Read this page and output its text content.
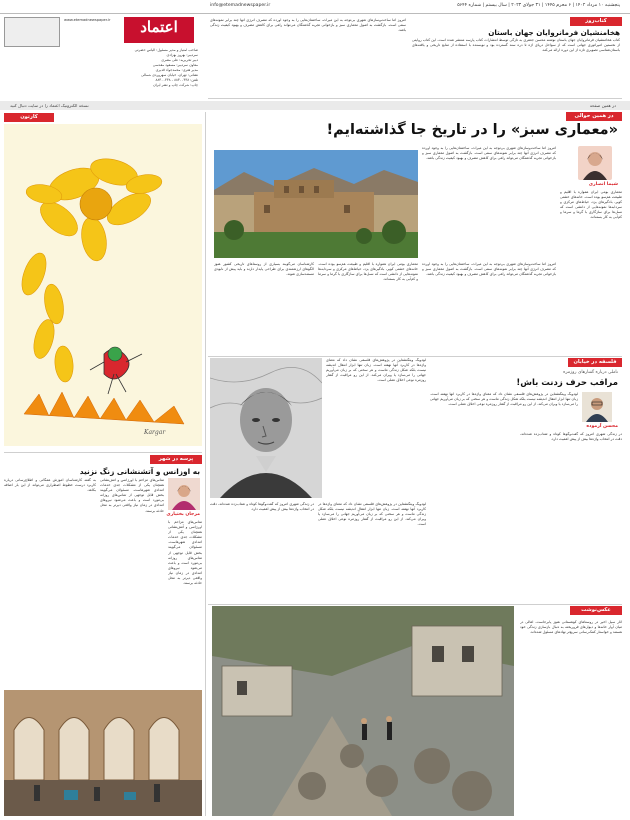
پنجشنبه ۱۰ مرداد ۱۴۰۲ | ۶ محرم ۱۴۴۵ | ۳۱ جولای ۲۰۲۳ | سال بیستم | شماره ۵۶۴۴
info@etemadnewspaper.ir
اعتماد
www.etemadnewspaper.ir
صاحب امتیاز و مدیر مسئول: الیاس حضرتی
سردبیر: بهروز بهزادی
دبیر تحریریه: علی مصری
معاون سردبیر: مسعود مقدسی
مدیر هنری: محمدجواد قدیری
نشانی: تهران، خیابان سهروردی شمالی
تلفن: ۸۸۳۰۰۴۳۸ - ۸۸۳۰۰۴۳۸
چاپ: شرکت چاپ و نشر ایران
در همین صفحه
نسخه الکترونیک اعتماد را در سایت دنبال کنید
کارتون
Kargar
کتاب‌روز
هخامنشیان فرمانروایان جهان باستان
کتاب هخامنشیان فرمانروایان جهان باستان نوشته محسن جعفری به تازگی توسط انتشارات کتاب پارسه منتشر شده است. این کتاب روایتی از نخستین امپراتوری جهانی است که از سواحل دریای اژه تا دره سند گسترده بود و نویسنده با استفاده از منابع تاریخی و یافته‌های باستان‌شناسی تصویری تازه از این دوره ارائه می‌کند.
امروز اما ساخت‌وسازهای شهری بی‌توجه به این میراث، ساختمان‌هایی را به وجود آورده که مصرف انرژی آنها چند برابر نمونه‌های سنتی است. بازگشت به اصول معماری سبز و بازخوانی تجربه گذشتگان می‌تواند راهی برای کاهش مصرف و بهبود کیفیت زندگی باشد.
در همین حوالی
«معماری سبز» را در تاریخ جا گذاشته‌ایم!
شیما انصاری
معماری بومی ایران همواره با اقلیم و طبیعت هم‌سو بوده است. خانه‌های خشتی کویر، بادگیرهای یزد، حیاط‌های مرکزی و سردابه‌ها نمونه‌هایی از دانشی است که نسل‌ها برای سازگاری با گرما و سرما و کم‌آبی به کار بسته‌اند.
امروز اما ساخت‌وسازهای شهری بی‌توجه به این میراث، ساختمان‌هایی را به وجود آورده که مصرف انرژی آنها چند برابر نمونه‌های سنتی است. بازگشت به اصول معماری سبز و بازخوانی تجربه گذشتگان می‌تواند راهی برای کاهش مصرف و بهبود کیفیت زندگی باشد.
کارشناسان می‌گویند بسیاری از روستاهای تاریخی کشور هنوز الگوهای ارزشمندی برای طراحی پایدار دارند و باید پیش از نابودی مستندسازی شوند.
معماری بومی ایران همواره با اقلیم و طبیعت هم‌سو بوده است. خانه‌های خشتی کویر، بادگیرهای یزد، حیاط‌های مرکزی و سردابه‌ها نمونه‌هایی از دانشی است که نسل‌ها برای سازگاری با گرما و سرما و کم‌آبی به کار بسته‌اند.
امروز اما ساخت‌وسازهای شهری بی‌توجه به این میراث، ساختمان‌هایی را به وجود آورده که مصرف انرژی آنها چند برابر نمونه‌های سنتی است. بازگشت به اصول معماری سبز و بازخوانی تجربه گذشتگان می‌تواند راهی برای کاهش مصرف و بهبود کیفیت زندگی باشد.
فلسفه در خیابان
تاملی درباره گفتارهای روزمره
مراقب حرف زدنت باش!
محسن آزموده
لودویگ ویتگنشتاین در پژوهش‌های فلسفی نشان داد که معنای واژه‌ها در کاربرد آنها نهفته است. زبان تنها ابزار انتقال اندیشه نیست بلکه شکل زندگی ماست و هر سخنی که بر زبان می‌آوریم جهانی را می‌سازد یا ویران می‌کند. از این رو مراقبت از گفتار روزمره نوعی اخلاق عملی است.
در زندگی شهری امروز که گفت‌وگوها کوتاه و شتاب‌زده شده‌اند، دقت در انتخاب واژه‌ها بیش از پیش اهمیت دارد.
لودویگ ویتگنشتاین در پژوهش‌های فلسفی نشان داد که معنای واژه‌ها در کاربرد آنها نهفته است. زبان تنها ابزار انتقال اندیشه نیست بلکه شکل زندگی ماست و هر سخنی که بر زبان می‌آوریم جهانی را می‌سازد یا ویران می‌کند. از این رو مراقبت از گفتار روزمره نوعی اخلاق عملی است.
در زندگی شهری امروز که گفت‌وگوها کوتاه و شتاب‌زده شده‌اند، دقت در انتخاب واژه‌ها بیش از پیش اهمیت دارد.
لودویگ ویتگنشتاین در پژوهش‌های فلسفی نشان داد که معنای واژه‌ها در کاربرد آنها نهفته است. زبان تنها ابزار انتقال اندیشه نیست بلکه شکل زندگی ماست و هر سخنی که بر زبان می‌آوریم جهانی را می‌سازد یا ویران می‌کند. از این رو مراقبت از گفتار روزمره نوعی اخلاق عملی است.
پرسه در شهر
به اوزانس و آتشنشانی زنگ نزنید
مرجان بختیاری
تماس‌های مزاحم با اورژانس و آتش‌نشانی همچنان یکی از مشکلات جدی خدمات امدادی شهرهاست. مسئولان می‌گویند بخش قابل توجهی از تماس‌های روزانه بی‌مورد است و باعث می‌شود نیروهای امدادی در زمان نیاز واقعی دیرتر به محل حادثه برسند.
به گفته کارشناسان آموزش همگانی و اطلاع‌رسانی درباره کاربرد درست خطوط اضطراری می‌تواند از این بار اضافه بکاهد.
تماس‌های مزاحم با اورژانس و آتش‌نشانی همچنان یکی از مشکلات جدی خدمات امدادی شهرهاست. مسئولان می‌گویند بخش قابل توجهی از تماس‌های روزانه بی‌مورد است و باعث می‌شود نیروهای امدادی در زمان نیاز واقعی دیرتر به محل حادثه برسند.
عکس‌نوشت
آثار سیل اخیر در روستاهای کوهستانی هنوز پابرجاست. اهالی در میان آوار خانه‌ها و دیوارهای فروریخته به دنبال بازسازی زندگی خود هستند و خواستار کمک‌رسانی سریع‌تر نهادهای مسئول شده‌اند.
